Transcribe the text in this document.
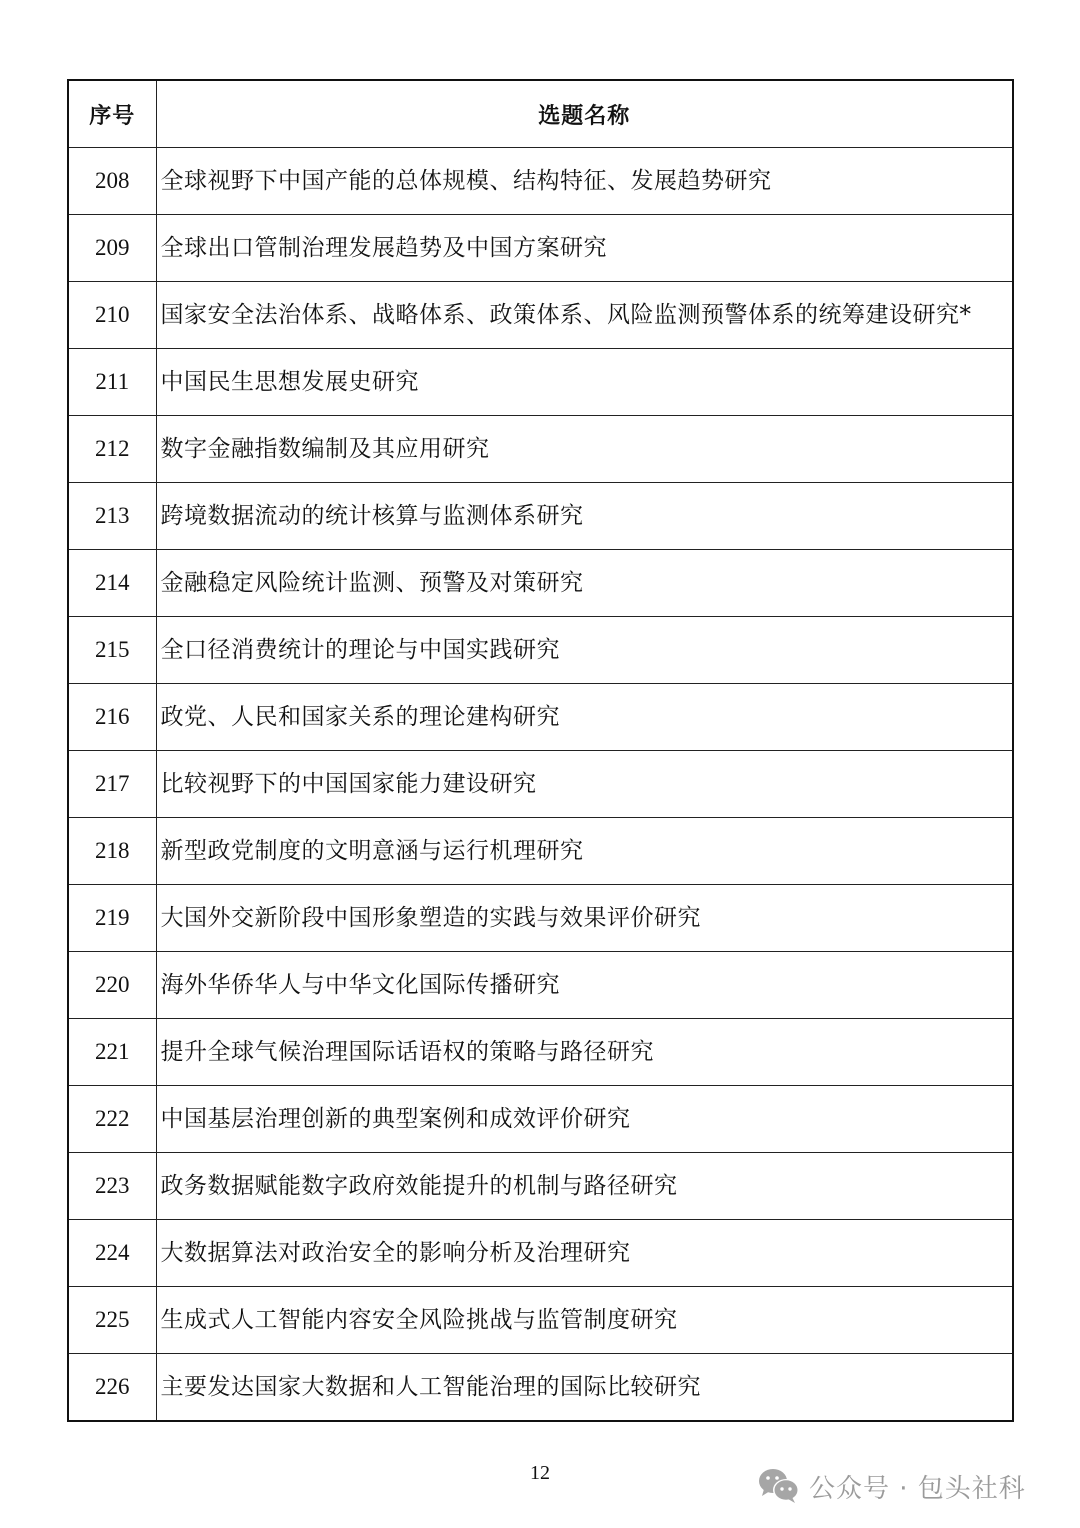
序号	选题名称
208	全球视野下中国产能的总体规模、结构特征、发展趋势研究
209	全球出口管制治理发展趋势及中国方案研究
210	国家安全法治体系、战略体系、政策体系、风险监测预警体系的统筹建设研究*
211	中国民生思想发展史研究
212	数字金融指数编制及其应用研究
213	跨境数据流动的统计核算与监测体系研究
214	金融稳定风险统计监测、预警及对策研究
215	全口径消费统计的理论与中国实践研究
216	政党、人民和国家关系的理论建构研究
217	比较视野下的中国国家能力建设研究
218	新型政党制度的文明意涵与运行机理研究
219	大国外交新阶段中国形象塑造的实践与效果评价研究
220	海外华侨华人与中华文化国际传播研究
221	提升全球气候治理国际话语权的策略与路径研究
222	中国基层治理创新的典型案例和成效评价研究
223	政务数据赋能数字政府效能提升的机制与路径研究
224	大数据算法对政治安全的影响分析及治理研究
225	生成式人工智能内容安全风险挑战与监管制度研究
226	主要发达国家大数据和人工智能治理的国际比较研究
12
公众号 · 包头社科
